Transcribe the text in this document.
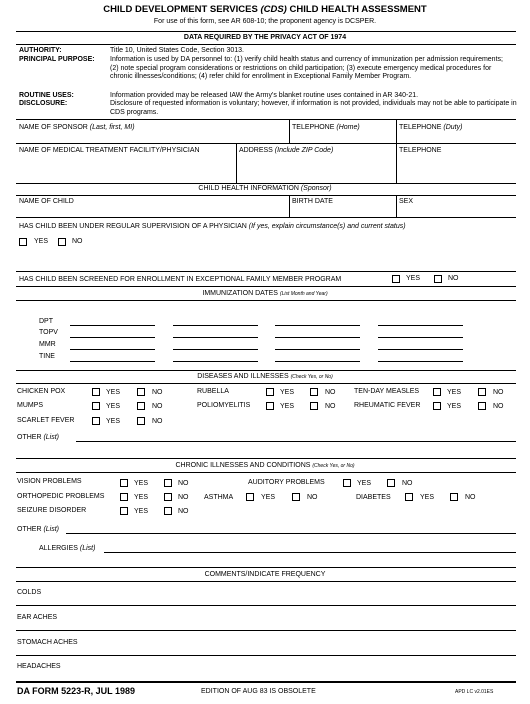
CHILD DEVELOPMENT SERVICES (CDS) CHILD HEALTH ASSESSMENT
For use of this form, see AR 608-10; the proponent agency is DCSPER.
DATA REQUIRED BY THE PRIVACY ACT OF 1974
AUTHORITY:	Title 10, United States Code, Section 3013.
PRINCIPAL PURPOSE: Information is used by DA personnel to: (1) verify child health status and currency of immunization per admission requirements; (2) note special program considerations or restrictions on child participation; (3) execute emergency medical procedures for chronic illnesses/conditions; (4) refer child for enrollment in Exceptional Family Member Program.
ROUTINE USES:	Information provided may be released IAW the Army's blanket routine uses contained in AR 340-21.
DISCLOSURE:	Disclosure of requested information is voluntary; however, if information is not provided, individuals may not be able to participate in CDS programs.
NAME OF SPONSOR (Last, first, MI)	TELEPHONE (Home)	TELEPHONE (Duty)
NAME OF MEDICAL TREATMENT FACILITY/PHYSICIAN	ADDRESS (Include ZIP Code)	TELEPHONE
CHILD HEALTH INFORMATION (Sponsor)
NAME OF CHILD	BIRTH DATE	SEX
HAS CHILD BEEN UNDER REGULAR SUPERVISION OF A PHYSICIAN (If yes, explain circumstance(s) and current status)
YES	NO
HAS CHILD BEEN SCREENED FOR ENROLLMENT IN EXCEPTIONAL FAMILY MEMBER PROGRAM	YES	NO
IMMUNIZATION DATES (List Month and Year)
DPT
TOPV
MMR
TINE
DISEASES AND ILLNESSES (Check Yes, or No)
CHICKEN POX	YES	NO	RUBELLA	YES	NO	TEN-DAY MEASLES	YES	NO
MUMPS	YES	NO	POLIOMYELITIS	YES	NO	RHEUMATIC FEVER	YES	NO
SCARLET FEVER	YES	NO
OTHER (List)
CHRONIC ILLNESSES AND CONDITIONS (Check Yes, or No)
VISION PROBLEMS	YES	NO	AUDITORY PROBLEMS	YES	NO
ORTHOPEDIC PROBLEMS	YES	NO ASTHMA	YES	NO	DIABETES	YES	NO
SEIZURE DISORDER	YES	NO
OTHER (List)
ALLERGIES (List)
COMMENTS/INDICATE FREQUENCY
COLDS
EAR ACHES
STOMACH ACHES
HEADACHES
DA FORM 5223-R, JUL 1989	EDITION OF AUG 83 IS OBSOLETE	APD LC v2.01ES
